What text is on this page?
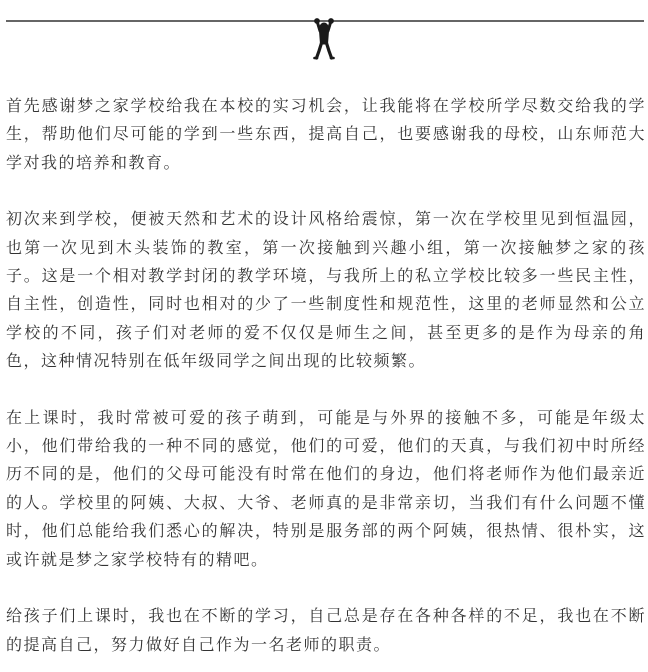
首先感谢梦之家学校给我在本校的实习机会，让我能将在学校所学尽数交给我的学生，帮助他们尽可能的学到一些东西，提高自己，也要感谢我的母校，山东师范大学对我的培养和教育。

初次来到学校，便被天然和艺术的设计风格给震惊，第一次在学校里见到恒温园，也第一次见到木头装饰的教室，第一次接触到兴趣小组，第一次接触梦之家的孩子。这是一个相对教学封闭的教学环境，与我所上的私立学校比较多一些民主性，自主性，创造性，同时也相对的少了一些制度性和规范性，这里的老师显然和公立学校的不同，孩子们对老师的爱不仅仅是师生之间，甚至更多的是作为母亲的角色，这种情况特别在低年级同学之间出现的比较频繁。

在上课时，我时常被可爱的孩子萌到，可能是与外界的接触不多，可能是年级太小，他们带给我的一种不同的感觉，他们的可爱，他们的天真，与我们初中时所经历不同的是，他们的父母可能没有时常在他们的身边，他们将老师作为他们最亲近的人。学校里的阿姨、大叔、大爷、老师真的是非常亲切，当我们有什么问题不懂时，他们总能给我们悉心的解决，特别是服务部的两个阿姨，很热情、很朴实，这或许就是梦之家学校特有的精吧。

给孩子们上课时，我也在不断的学习，自己总是存在各种各样的不足，我也在不断的提高自己，努力做好自己作为一名老师的职责。
